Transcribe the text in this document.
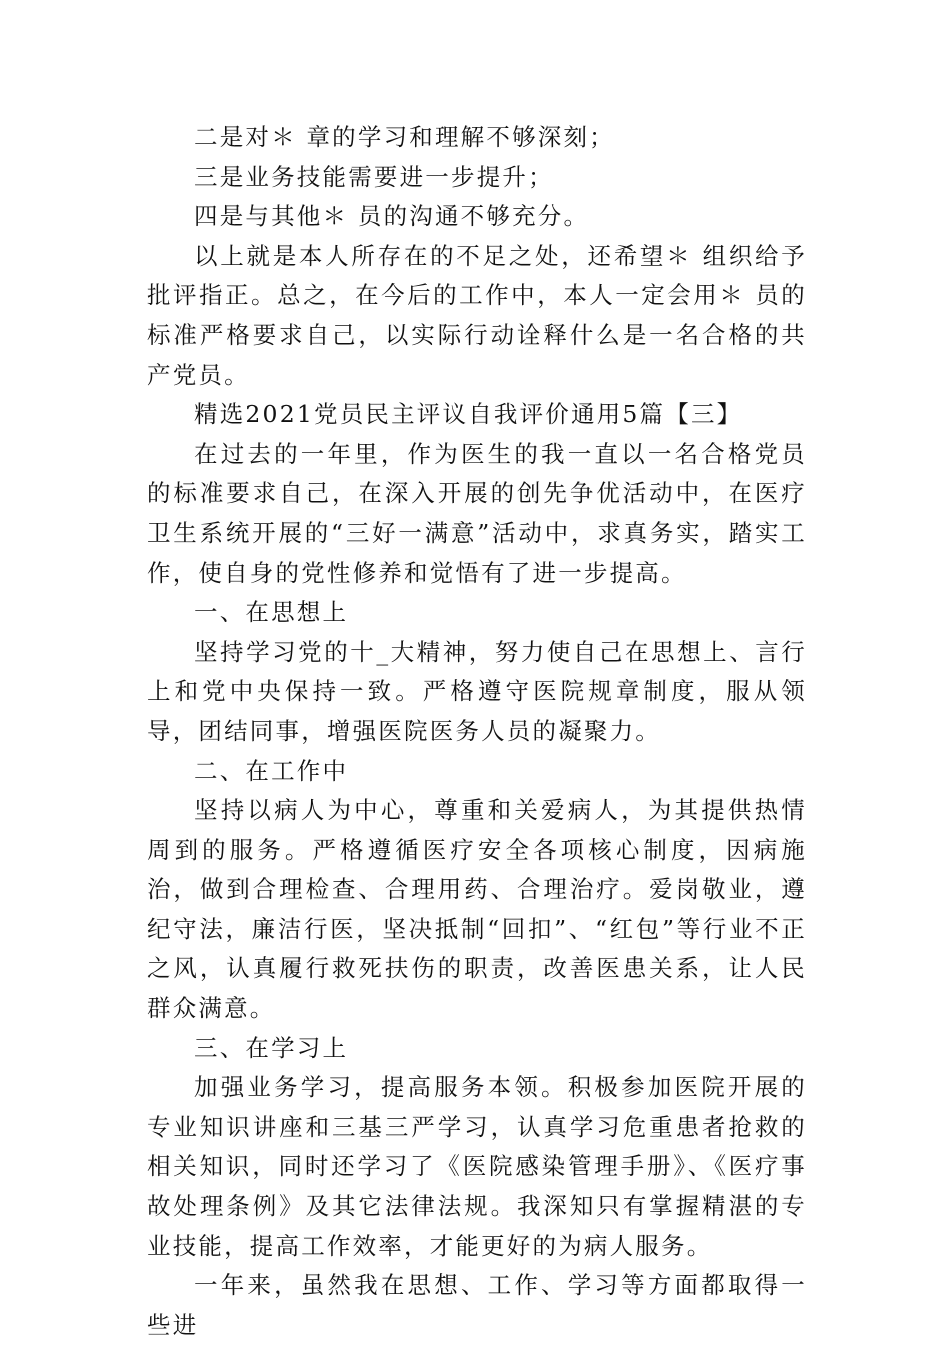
二是对＊ 章的学习和理解不够深刻；

三是业务技能需要进一步提升；

四是与其他＊ 员的沟通不够充分。

以上就是本人所存在的不足之处，还希望＊ 组织给予批评指正。总之，在今后的工作中，本人一定会用＊ 员的标准严格要求自己，以实际行动诠释什么是一名合格的共产党员。

精选2021党员民主评议自我评价通用5篇【三】

在过去的一年里，作为医生的我一直以一名合格党员的标准要求自己，在深入开展的创先争优活动中，在医疗卫生系统开展的“三好一满意”活动中，求真务实，踏实工作，使自身的党性修养和觉悟有了进一步提高。

一、在思想上

坚持学习党的十_大精神，努力使自己在思想上、言行上和党中央保持一致。严格遵守医院规章制度，服从领导，团结同事，增强医院医务人员的凝聚力。

二、在工作中

坚持以病人为中心，尊重和关爱病人，为其提供热情周到的服务。严格遵循医疗安全各项核心制度，因病施治，做到合理检查、合理用药、合理治疗。爱岗敬业，遵纪守法，廉洁行医，坚决抵制“回扣”、“红包”等行业不正之风，认真履行救死扶伤的职责，改善医患关系，让人民群众满意。

三、在学习上

加强业务学习，提高服务本领。积极参加医院开展的专业知识讲座和三基三严学习，认真学习危重患者抢救的相关知识，同时还学习了《医院感染管理手册》、《医疗事故处理条例》及其它法律法规。我深知只有掌握精湛的专业技能，提高工作效率，才能更好的为病人服务。

一年来，虽然我在思想、工作、学习等方面都取得一些进
